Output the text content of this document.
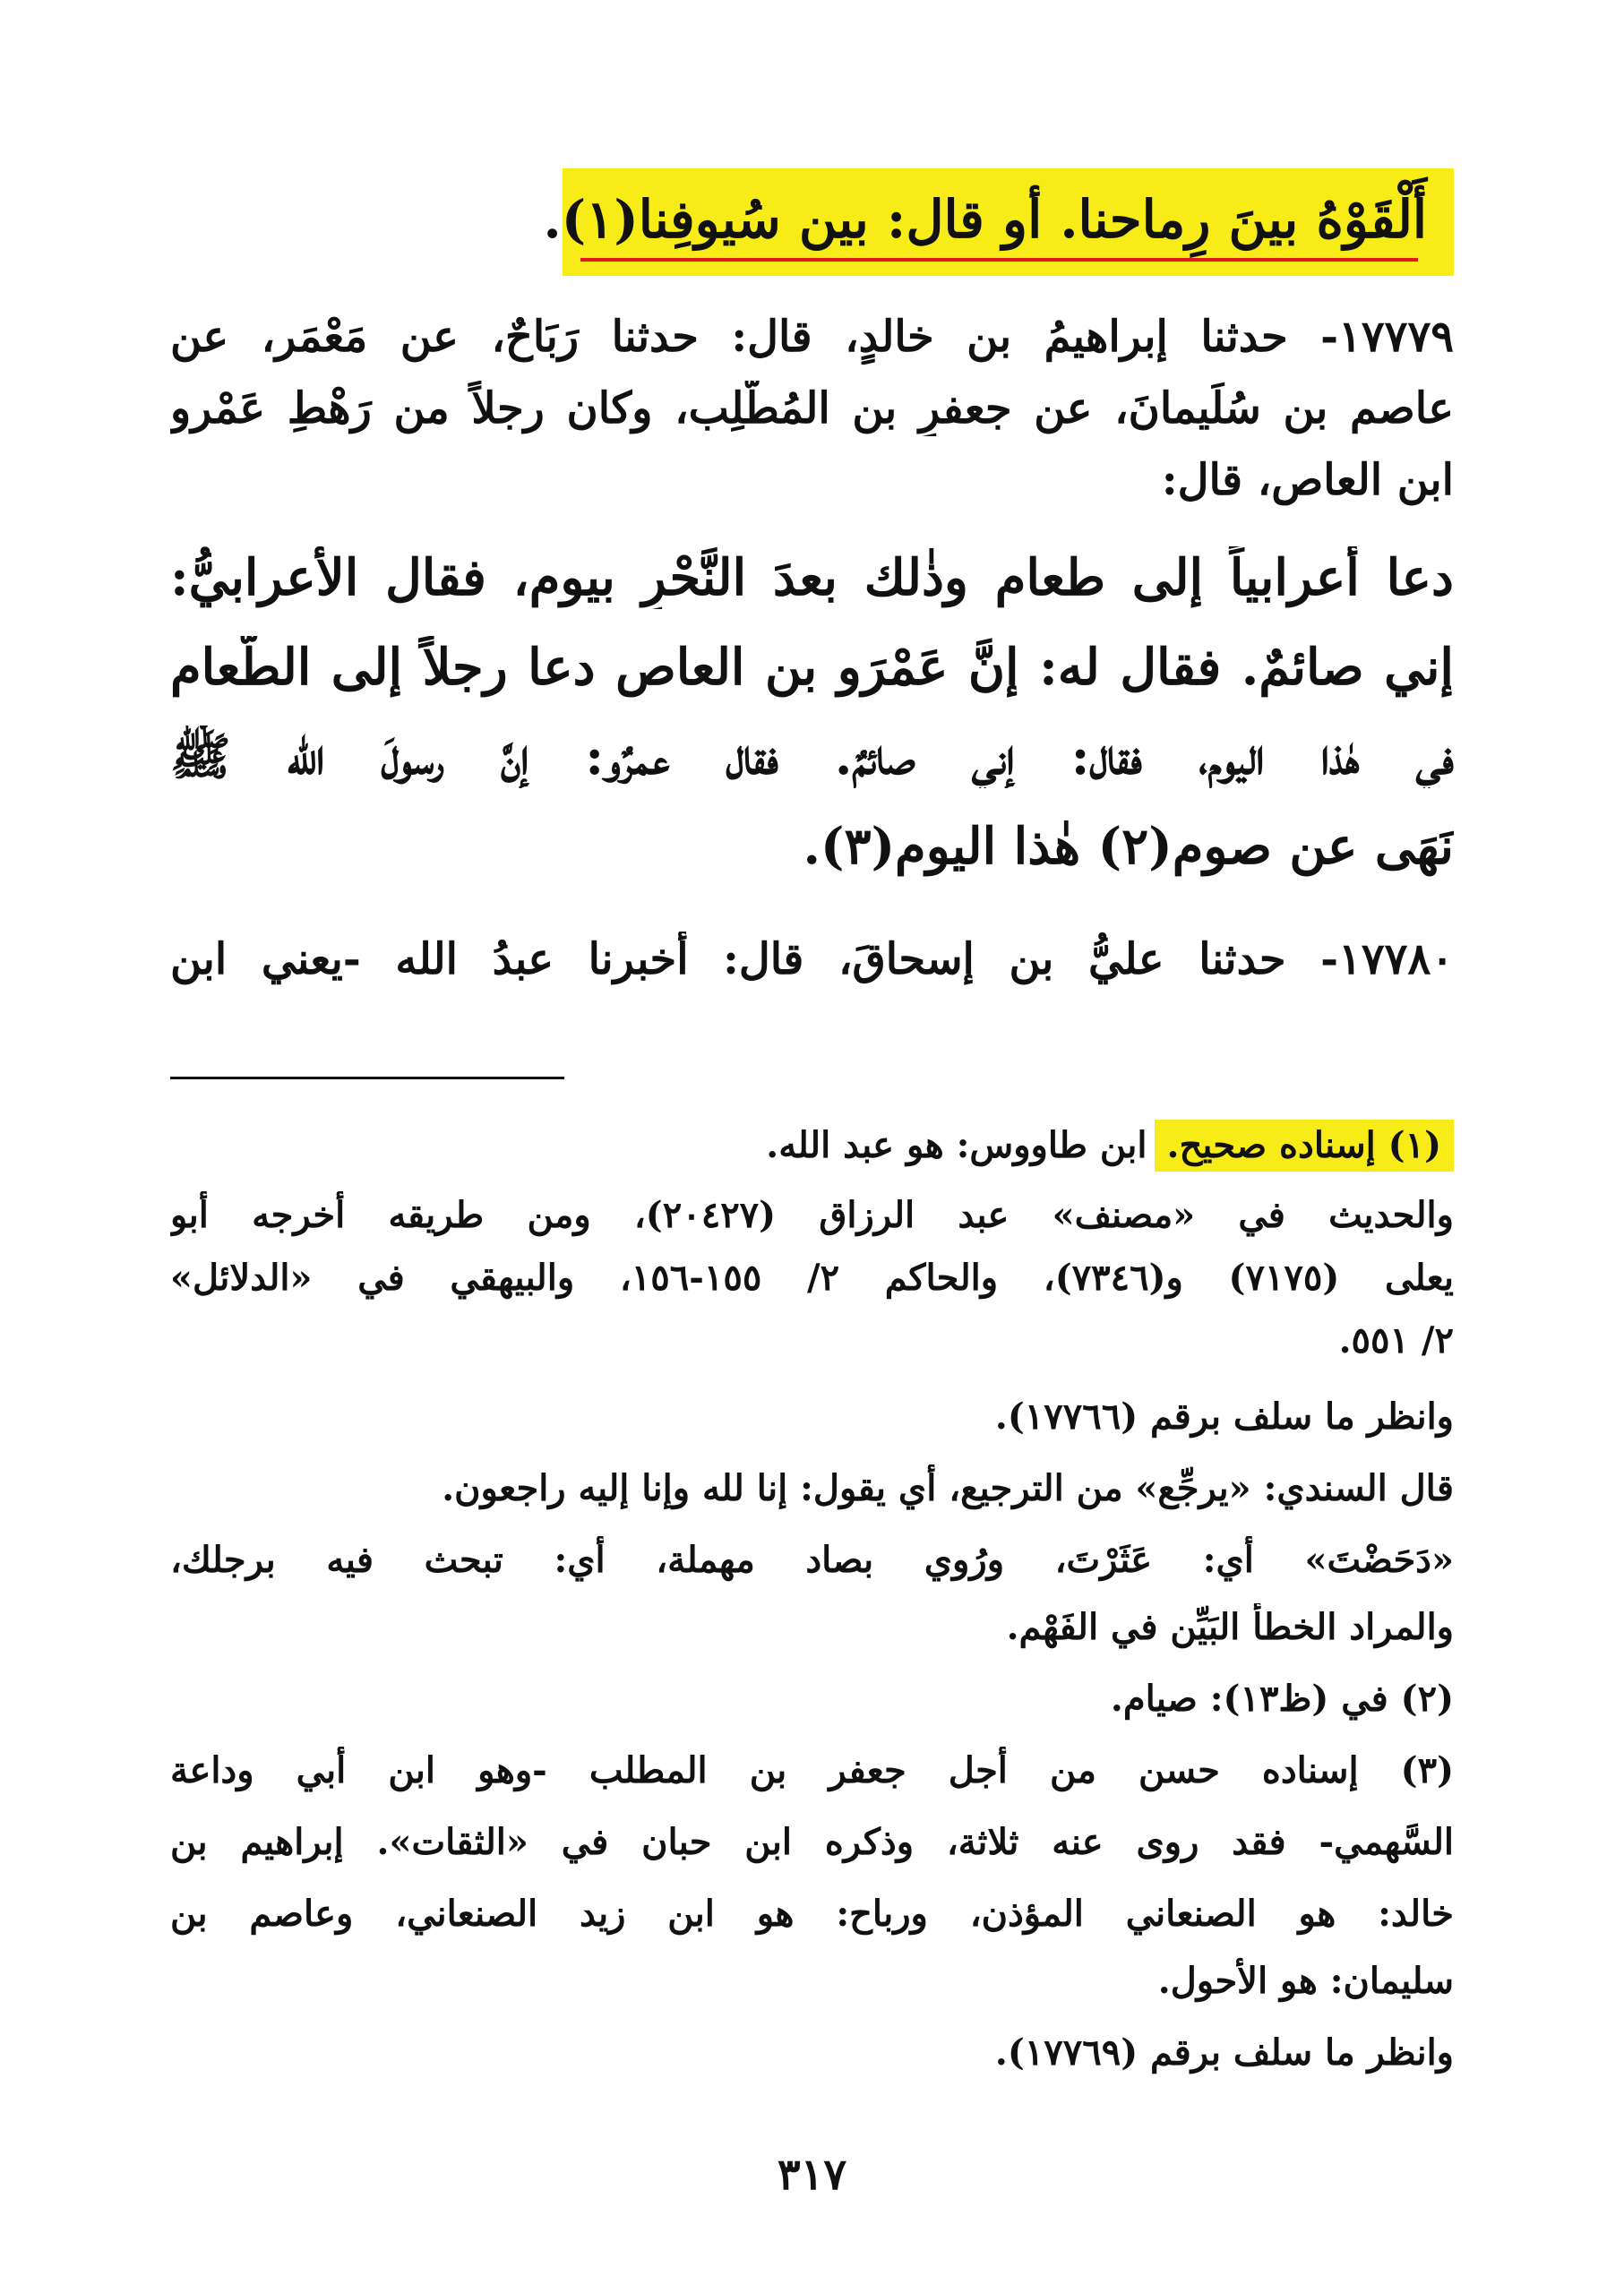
أَلْقَوْهُ بينَ رِماحنا. أو قال: بين سُيوفِنا(١).
١٧٧٧٩- حدثنا إبراهيمُ بن خالدٍ، قال: حدثنا رَبَاحٌ، عن مَعْمَر، عن
عاصم بن سُلَيمانَ، عن جعفرِ بن المُطَّلِب، وكان رجلاً من رَهْطِ عَمْرو
ابن العاص، قال:
دعا أعرابياً إلى طعامٍ وذٰلك بعدَ النَّحْرِ بيومٍ، فقال الأعرابيُّ:
إني صائمٌ. فقال له: إنَّ عَمْرَو بن العاص دعا رجلاً إلى الطَّعام
في هٰذا اليومِ، فقال: إني صائمٌ. فقال عمرٌو: إنَّ رسولَ الله ﷺ
نَهَى عن صومِ(٢) هٰذا اليومِ(٣).
١٧٧٨٠- حدثنا عليُّ بن إسحاقَ، قال: أخبرنا عبدُ الله -يعني ابن
(١) إسناده صحيح.ابن طاووس: هو عبد الله.
والحديث في «مصنف» عبد الرزاق (٢٠٤٢٧)، ومن طريقه أخرجه أبو
يعلى (٧١٧٥) و(٧٣٤٦)، والحاكم ٢/ ١٥٥-١٥٦، والبيهقي في «الدلائل»
٢/ ٥٥١.
وانظر ما سلف برقم (١٧٧٦٦).
قال السندي: «يرجِّع» من الترجيع، أي يقول: إنا لله وإنا إليه راجعون.
«دَحَضْتَ» أي: عَثَرْتَ، ورُوي بصاد مهملة، أي: تبحث فيه برجلك،
والمراد الخطأ البَيِّن في الفَهْم.
(٢) في (ظ١٣): صيام.
(٣) إسناده حسن من أجل جعفر بن المطلب -وهو ابن أبي وداعة
السَّهمي- فقد روى عنه ثلاثة، وذكره ابن حبان في «الثقات». إبراهيم بن
خالد: هو الصنعاني المؤذن، ورباح: هو ابن زيد الصنعاني، وعاصم بن
سليمان: هو الأحول.
وانظر ما سلف برقم (١٧٧٦٩).
٣١٧
